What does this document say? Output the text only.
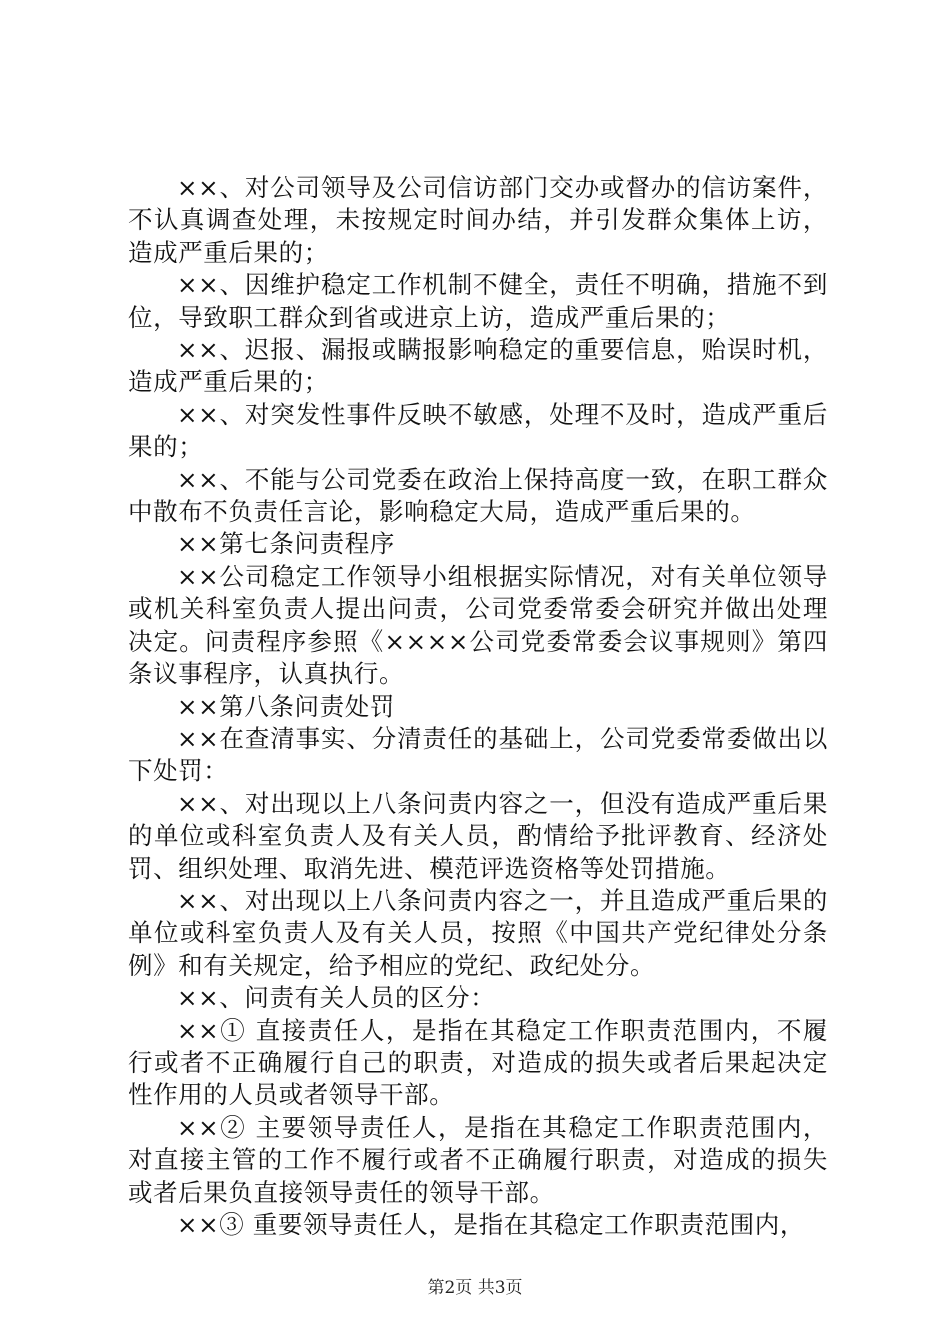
××、对公司领导及公司信访部门交办或督办的信访案件，不认真调查处理，未按规定时间办结，并引发群众集体上访，造成严重后果的；

××、因维护稳定工作机制不健全，责任不明确，措施不到位，导致职工群众到省或进京上访，造成严重后果的；

××、迟报、漏报或瞒报影响稳定的重要信息，贻误时机，造成严重后果的；

××、对突发性事件反映不敏感，处理不及时，造成严重后果的；

××、不能与公司党委在政治上保持高度一致，在职工群众中散布不负责任言论，影响稳定大局，造成严重后果的。

××第七条问责程序

××公司稳定工作领导小组根据实际情况，对有关单位领导或机关科室负责人提出问责，公司党委常委会研究并做出处理决定。问责程序参照《××××公司党委常委会议事规则》第四条议事程序，认真执行。

××第八条问责处罚

××在查清事实、分清责任的基础上，公司党委常委做出以下处罚：

××、对出现以上八条问责内容之一，但没有造成严重后果的单位或科室负责人及有关人员，酌情给予批评教育、经济处罚、组织处理、取消先进、模范评选资格等处罚措施。

××、对出现以上八条问责内容之一，并且造成严重后果的单位或科室负责人及有关人员，按照《中国共产党纪律处分条例》和有关规定，给予相应的党纪、政纪处分。

××、问责有关人员的区分：

××① 直接责任人，是指在其稳定工作职责范围内，不履行或者不正确履行自己的职责，对造成的损失或者后果起决定性作用的人员或者领导干部。

××② 主要领导责任人，是指在其稳定工作职责范围内，对直接主管的工作不履行或者不正确履行职责，对造成的损失或者后果负直接领导责任的领导干部。

××③ 重要领导责任人，是指在其稳定工作职责范围内，

第2页 共3页
